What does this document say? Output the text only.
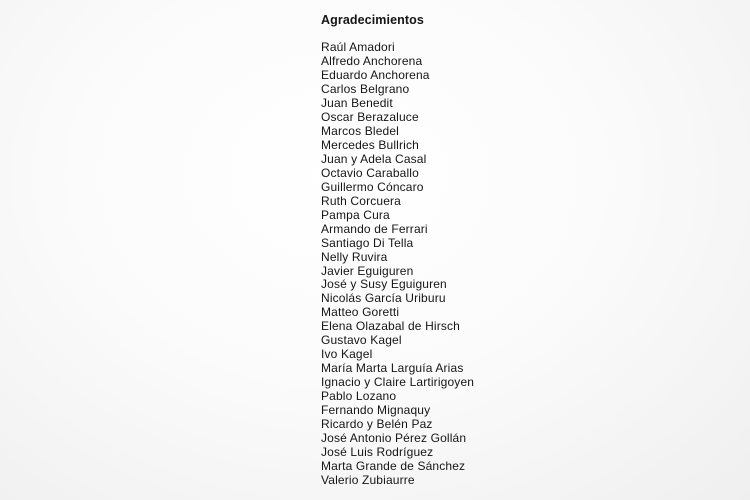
Agradecimientos
Raúl Amadori
Alfredo Anchorena
Eduardo Anchorena
Carlos Belgrano
Juan Benedit
Oscar Berazaluce
Marcos Bledel
Mercedes Bullrich
Juan y Adela Casal
Octavio Caraballo
Guillermo Cóncaro
Ruth Corcuera
Pampa Cura
Armando de Ferrari
Santiago Di Tella
Nelly Ruvira
Javier Eguiguren
José y Susy Eguiguren
Nicolás García Uriburu
Matteo Goretti
Elena Olazabal de Hirsch
Gustavo Kagel
Ivo Kagel
María Marta Larguía Arias
Ignacio y Claire Lartirigoyen
Pablo Lozano
Fernando Mignaquy
Ricardo y Belén Paz
José Antonio Pérez Gollán
José Luis Rodríguez
Marta Grande de Sánchez
Valerio Zubiaurre
